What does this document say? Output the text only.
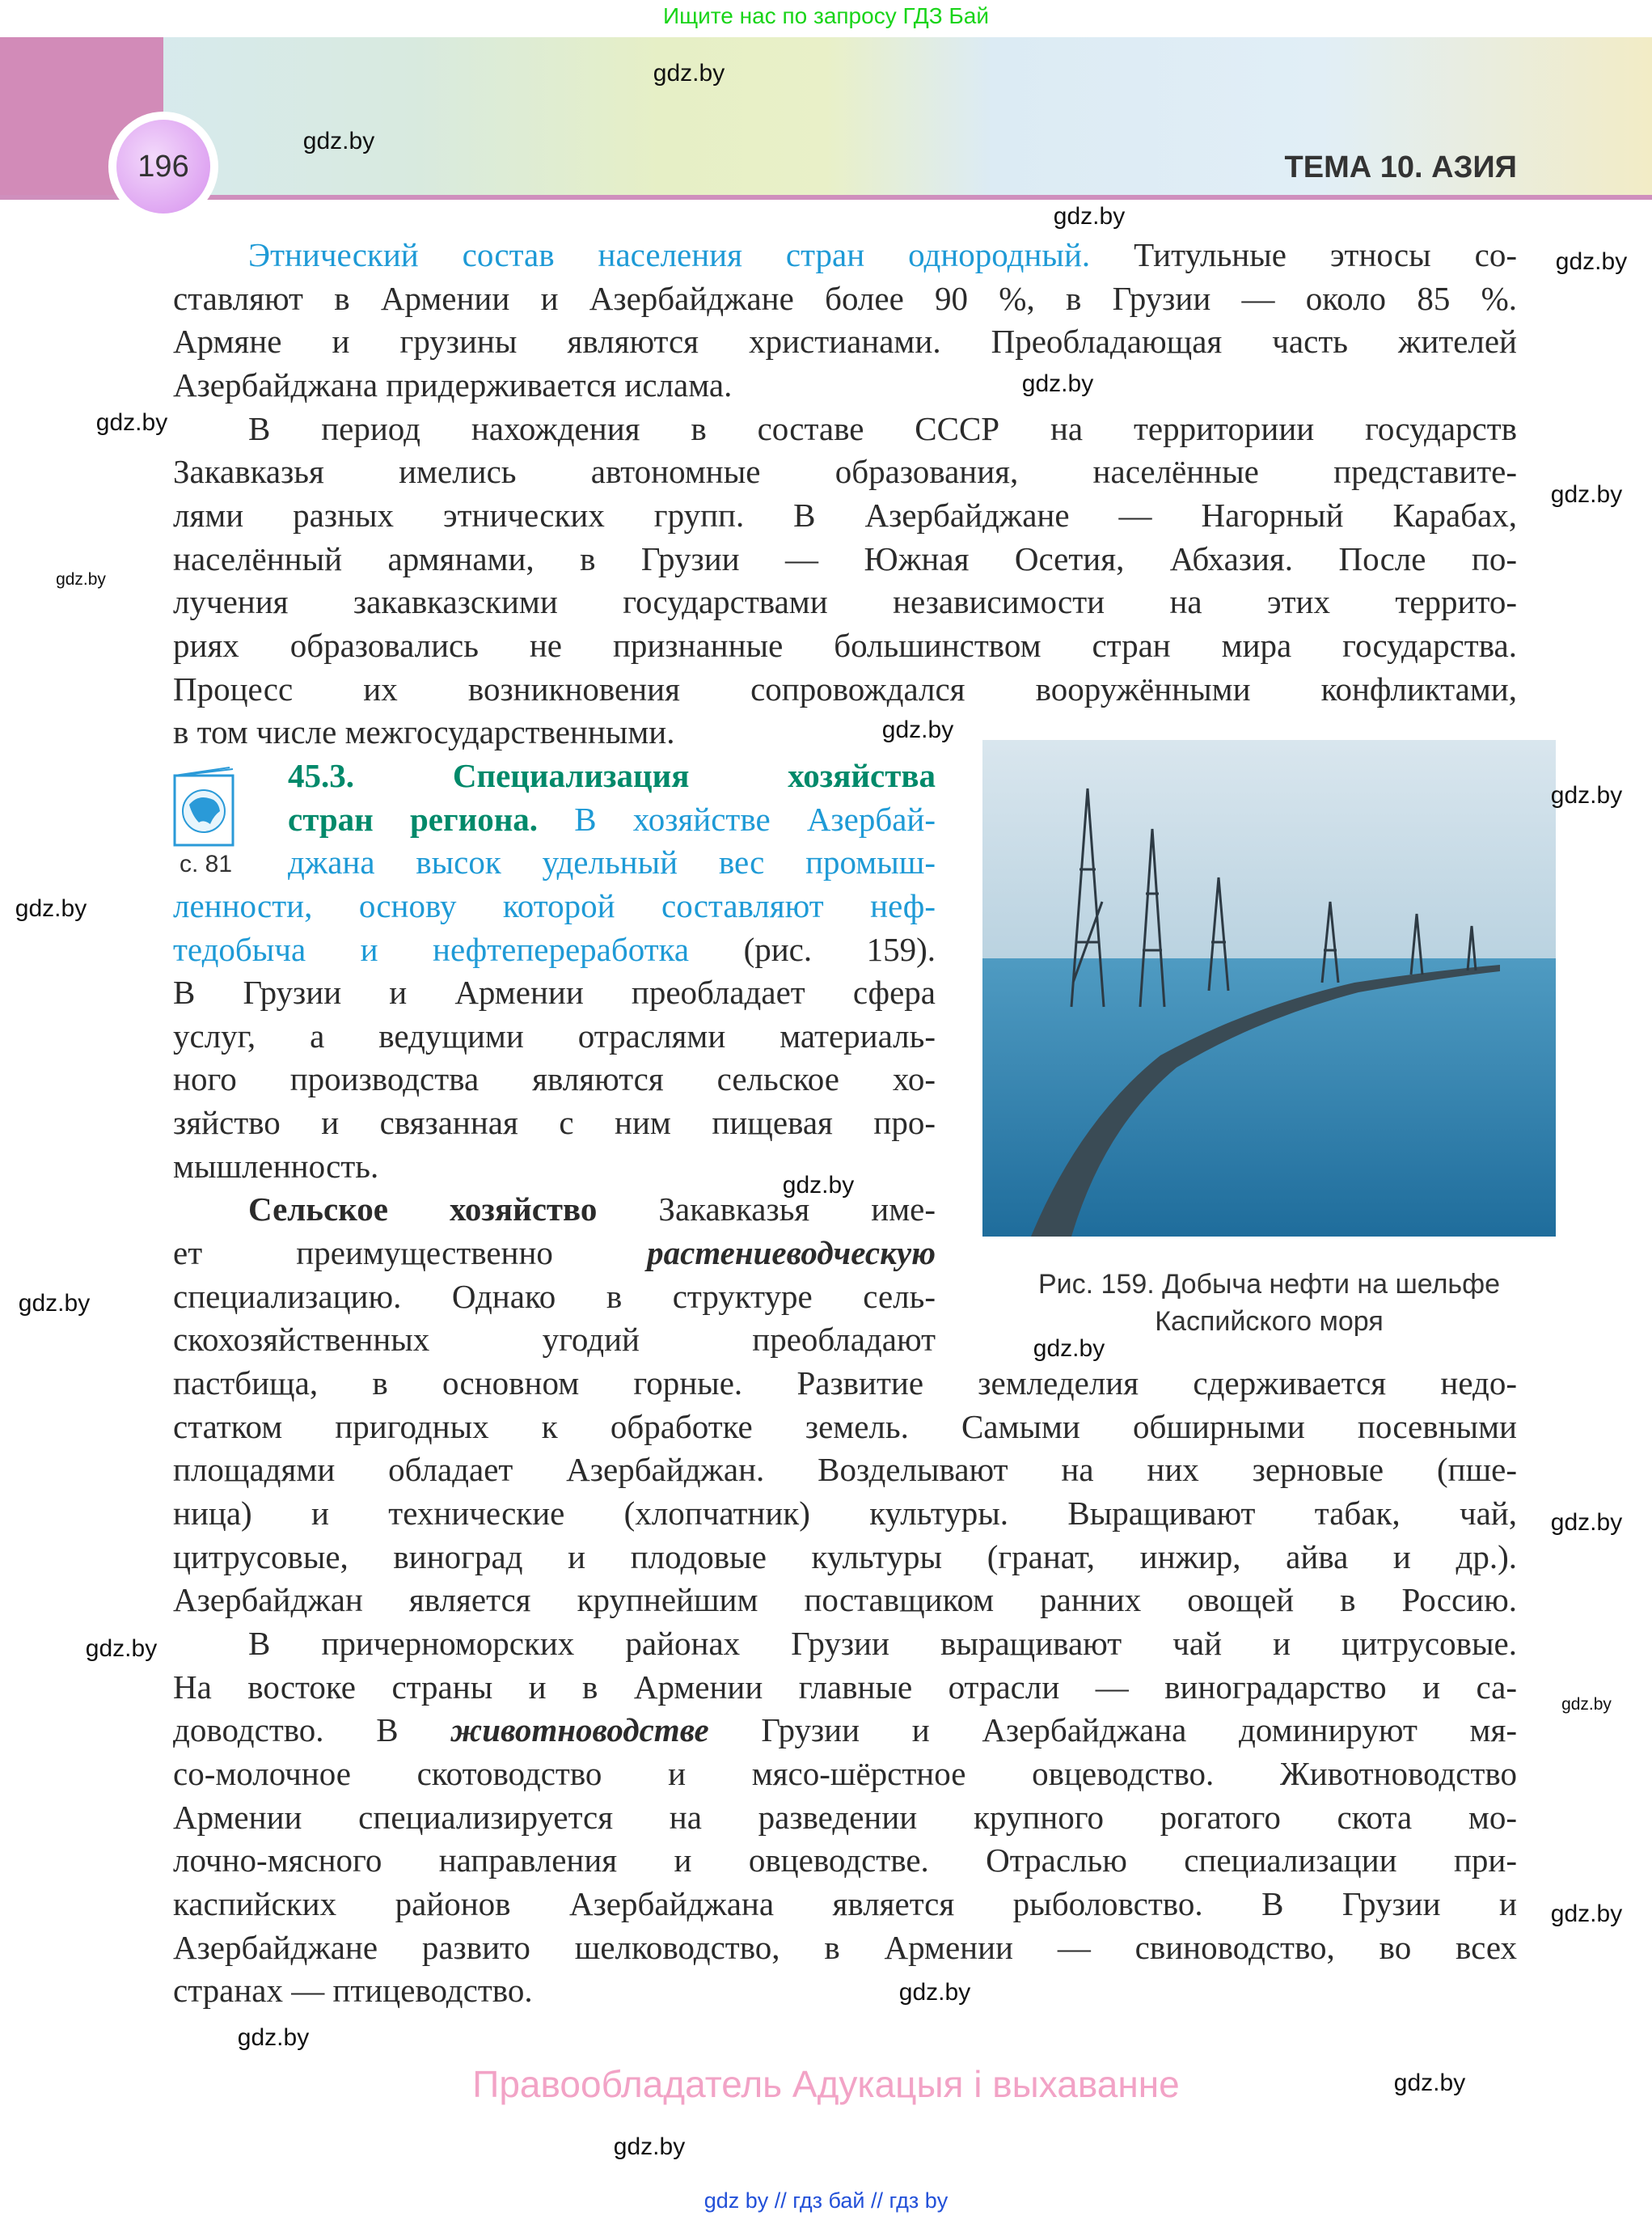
Ищите нас по запросу ГДЗ Бай
196	ТЕМА 10. АЗИЯ
Этнический состав населения стран однородный. Титульные этносы со-
ставляют в Армении и Азербайджане более 90 %, в Грузии — около 85 %.
Армяне и грузины являются христианами. Преобладающая часть жителей
Азербайджана придерживается ислама.
В период нахождения в составе СССР на территориии государств
Закавказья имелись автономные образования, населённые представите-
лями разных этнических групп. В Азербайджане — Нагорный Карабах,
населённый армянами, в Грузии — Южная Осетия, Абхазия. После по-
лучения закавказскими государствами независимости на этих террито-
риях образовались не признанные большинством стран мира государства.
Процесс их возникновения сопровождался вооружёнными конфликтами,
в том числе межгосударственными.
45.3. Специализация хозяйства
стран региона. В хозяйстве Азербай-
джана высок удельный вес промыш-
ленности, основу которой составляют неф-
тедобыча и нефтепереработка (рис. 159).
В Грузии и Армении преобладает сфера
услуг, а ведущими отраслями материаль-
ного производства являются сельское хо-
зяйство и связанная с ним пищевая про-
мышленность.
Сельское хозяйство Закавказья име-
ет преимущественно растениеводческую
специализацию. Однако в структуре сель-
скохозяйственных угодий преобладают
пастбища, в основном горные. Развитие земледелия сдерживается недо-
статком пригодных к обработке земель. Самыми обширными посевными
площадями обладает Азербайджан. Возделывают на них зерновые (пше-
ница) и технические (хлопчатник) культуры. Выращивают табак, чай,
цитрусовые, виноград и плодовые культуры (гранат, инжир, айва и др.).
Азербайджан является крупнейшим поставщиком ранних овощей в Россию.
В причерноморских районах Грузии выращивают чай и цитрусовые.
На востоке страны и в Армении главные отрасли — виноградарство и са-
доводство. В животноводстве Грузии и Азербайджана доминируют мя-
со-молочное скотоводство и мясо-шёрстное овцеводство. Животноводство
Армении специализируется на разведении крупного рогатого скота мо-
лочно-мясного направления и овцеводстве. Отраслью специализации при-
каспийских районов Азербайджана является рыболовство. В Грузии и
Азербайджане развито шелководство, в Армении — свиноводство, во всех
странах — птицеводство.
с. 81
Рис. 159. Добыча нефти на шельфе
Каспийского моря
Правообладатель Адукацыя і выхаванне
gdz by // гдз бай // гдз by
gdz.by
gdz.by
gdz.by
gdz.by
gdz.by
gdz.by
gdz.by
gdz.by
gdz.by
gdz.by
gdz.by
gdz.by
gdz.by
gdz.by
gdz.by
gdz.by
gdz.by
gdz.by
gdz.by
gdz.by
gdz.by
gdz.by
